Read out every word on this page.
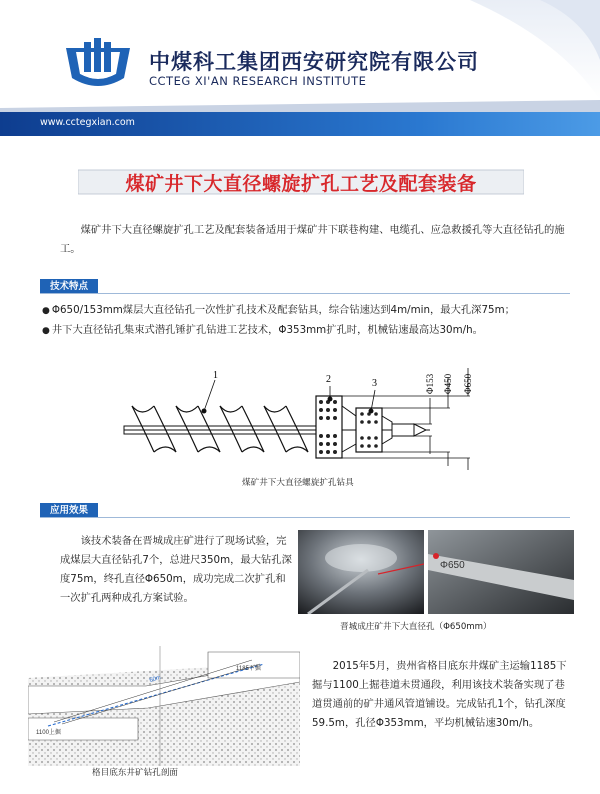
中煤科工集团西安研究院有限公司
CCTEG XI'AN RESEARCH INSTITUTE
www.cctegxian.com
煤矿井下大直径螺旋扩孔工艺及配套装备
煤矿井下大直径螺旋扩孔工艺及配套装备适用于煤矿井下联巷构建、电缆孔、应急救援孔等大直径钻孔的施工。
技术特点
● Φ650/153mm煤层大直径钻孔一次性扩孔技术及配套钻具，综合钻速达到4m/min，最大孔深75m；
● 井下大直径钻孔集束式潜孔锤扩孔钻进工艺技术，Φ353mm扩孔时，机械钻速最高达30m/h。
1	2	3	Φ153 Φ450 Φ650
煤矿井下大直径螺旋扩孔钻具
应用效果
该技术装备在晋城成庄矿进行了现场试验，完成煤层大直径钻孔7个，总进尺350m，最大钻孔深度75m，终孔直径Φ650m，成功完成二次扩孔和一次扩孔两种成孔方案试验。
Φ650
晋城成庄矿井下大直径孔（Φ650mm）
60m
1185下掘
1100上掘
格目底东井矿钻孔剖面
2015年5月，贵州省格目底东井煤矿主运输1185下掘与1100上掘巷道未贯通段，利用该技术装备实现了巷道贯通前的矿井通风管道铺设。完成钻孔1个，钻孔深度59.5m，孔径Φ353mm，平均机械钻速30m/h。
